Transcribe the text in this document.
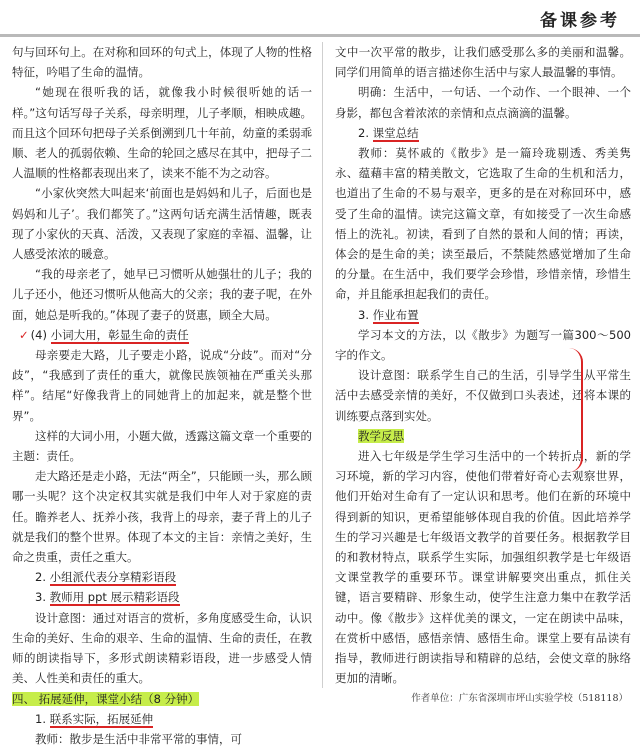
备课参考

句与回环句上。在对称和回环的句式上，体现了人物的性格特征，吟唱了生命的温情。

“她现在很听我的话，就像我小时候很听她的话一样。”这句话写母子关系，母亲明理，儿子孝顺，相映成趣。而且这个回环句把母子关系倒溯到几十年前，幼童的柔弱乖顺、老人的孤弱依赖、生命的轮回之感尽在其中，把母子二人温顺的性格都表现出来了，读来不能不为之动容。

“小家伙突然大叫起来‘前面也是妈妈和儿子，后面也是妈妈和儿子’。我们都笑了。”这两句话充满生活情趣，既表现了小家伙的天真、活泼，又表现了家庭的幸福、温馨，让人感受浓浓的暖意。

“我的母亲老了，她早已习惯听从她强壮的儿子；我的儿子还小，他还习惯听从他高大的父亲；我的妻子呢，在外面，她总是听我的。”体现了妻子的贤惠，顾全大局。

✓ (4) 小词大用，彰显生命的责任

母亲要走大路，儿子要走小路，说成“分歧”。而对“分歧”，“我感到了责任的重大，就像民族领袖在严重关头那样”。结尾“好像我背上的同她背上的加起来，就是整个世界”。

这样的大词小用，小题大做，透露这篇文章一个重要的主题：责任。

走大路还是走小路，无法“两全”，只能顾一头，那么顾哪一头呢？这个决定权其实就是我们中年人对于家庭的责任。瞻养老人、抚养小孩，我背上的母亲，妻子背上的儿子就是我们的整个世界。体现了本文的主旨：亲情之美好，生命之贵重，责任之重大。

2. 小组派代表分享精彩语段
3. 教师用 ppt 展示精彩语段

设计意图：通过对语言的赏析，多角度感受生命，认识生命的美好、生命的艰辛、生命的温情、生命的责任，在教师的朗读指导下，多形式朗读精彩语段，进一步感受人情美、人性美和责任的重大。

四、 拓展延伸，课堂小结（8 分钟）
1. 联系实际，拓展延伸

教师：散步是生活中非常平常的事情，可

文中一次平常的散步，让我们感受那么多的美丽和温馨。同学们用简单的语言描述你生活中与家人最温馨的事情。

明确：生活中，一句话、一个动作、一个眼神、一个身影，都包含着浓浓的亲情和点点滴滴的温馨。

2. 课堂总结

教师：莫怀戚的《散步》是一篇玲珑剔透、秀美隽永、蕴藉丰富的精美散文，它选取了生命的生机和活力，也道出了生命的不易与艰辛，更多的是在对称回环中，感受了生命的温情。读完这篇文章，有如接受了一次生命感悟上的洗礼。初读，看到了自然的景和人间的情；再读，体会的是生命的美；读至最后，不禁陡然感觉增加了生命的分量。在生活中，我们要学会珍惜，珍惜亲情，珍惜生命，并且能承担起我们的责任。

3. 作业布置

学习本文的方法，以《散步》为题写一篇300～500 字的作文。

设计意图：联系学生自己的生活，引导学生从平常生活中去感受亲情的美好，不仅做到口头表述，还将本课的训练要点落到实处。

教学反思

进入七年级是学生学习生活中的一个转折点，新的学习环境，新的学习内容，使他们带着好奇心去观察世界，他们开始对生命有了一定认识和思考。他们在新的环境中得到新的知识，更希望能够体现自我的价值。因此培养学生的学习兴趣是七年级语文教学的首要任务。根据教学目的和教材特点，联系学生实际，加强组织教学是七年级语文课堂教学的重要环节。课堂讲解要突出重点，抓住关键，语言要精辟、形象生动，使学生注意力集中在教学活动中。像《散步》这样优美的课文，一定在朗读中品味，在赏析中感悟，感悟亲情、感悟生命。课堂上要有品读有指导，教师进行朗读指导和精辟的总结，会使文章的脉络更加的清晰。

作者单位：广东省深圳市坪山实验学校（518118）
